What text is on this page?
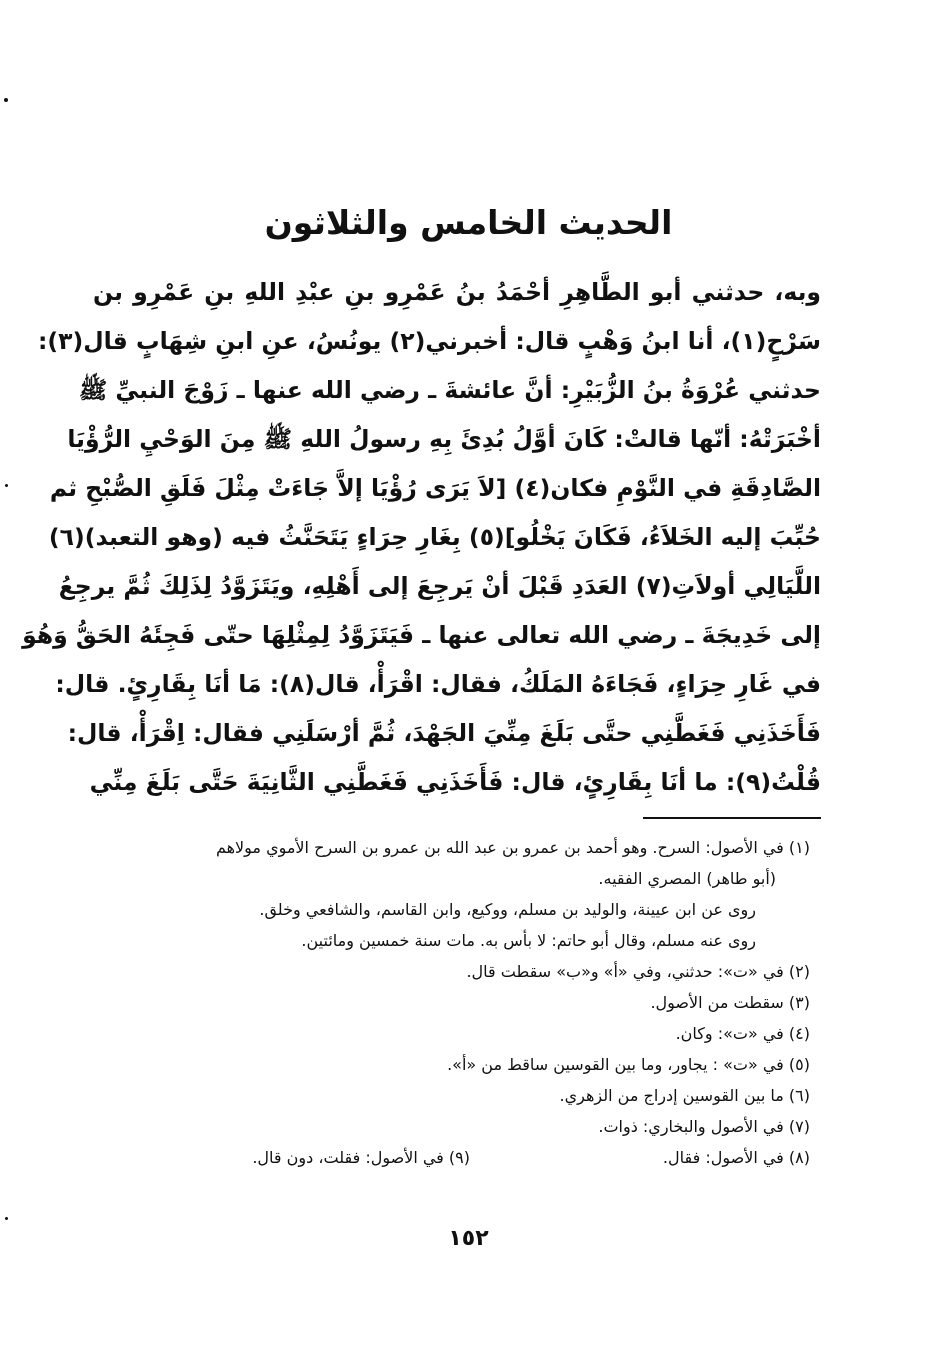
الحديث الخامس والثلاثون
وبه، حدثني أبو الطَّاهِرِ أحْمَدُ بنُ عَمْرِو بنِ عبْدِ اللهِ بنِ عَمْرِو بن
سَرْحٍ(١)، أنا ابنُ وَهْبٍ قال: أخبرني(٢) يونُسُ، عنِ ابنِ شِهَابٍ قال(٣):
حدثني عُرْوَةُ بنُ الزُّبَيْرِ: أنَّ عائشةَ ـ رضي الله عنها ـ زَوْجَ النبيِّ ﷺ
أخْبَرَتْهُ: أنّها قالتْ: كَانَ أوَّلُ بُدِئَ بِهِ رسولُ اللهِ ﷺ مِنَ الوَحْيِ الرُّؤْيَا
الصَّادِقَةِ في النَّوْمِ فكان(٤) [لاَ يَرَى رُؤْيَا إلاَّ جَاءَتْ مِثْلَ فَلَقِ الصُّبْحِ ثم
حُبِّبَ إليه الخَلاَءُ، فَكَانَ يَخْلُو](٥) بِغَارِ حِرَاءٍ يَتَحَنَّثُ فيه (وهو التعبد)(٦)
اللَّيَالِي أولاَتِ(٧) العَدَدِ قَبْلَ أنْ يَرجِعَ إلى أَهْلِهِ، ويَتَزَوَّدُ لِذَلِكَ ثُمَّ يرجِعُ
إلى خَدِيجَةَ ـ رضي الله تعالى عنها ـ فَيَتَزَوَّدُ لِمِثْلِهَا حتّى فَجِئَهُ الحَقُّ وَهُوَ
في غَارِ حِرَاءٍ، فَجَاءَهُ المَلَكُ، فقال: اقْرَأْ، قال(٨): مَا أنَا بِقَارِئٍ. قال:
فَأَخَذَنِي فَغَطَّنِي حتَّى بَلَغَ مِنِّيَ الجَهْدَ، ثُمَّ أرْسَلَنِي فقال: اِقْرَأْ، قال:
قُلْتُ(٩): ما أنَا بِقَارِئٍ، قال: فَأَخَذَنِي فَغَطَّنِي الثَّانِيَةَ حَتَّى بَلَغَ مِنِّي
(١) في الأصول: السرح. وهو أحمد بن عمرو بن عبد الله بن عمرو بن السرح الأموي مولاهم
(أبو طاهر) المصري الفقيه.
روى عن ابن عيينة، والوليد بن مسلم، ووكيع، وابن القاسم، والشافعي وخلق.
روى عنه مسلم، وقال أبو حاتم: لا بأس به. مات سنة خمسين ومائتين.
(٢) في «ت»: حدثني، وفي «أ» و«ب» سقطت قال.
(٣) سقطت من الأصول.
(٤) في «ت»: وكان.
(٥) في «ت» : يجاور، وما بين القوسين ساقط من «أ».
(٦) ما بين القوسين إدراج من الزهري.
(٧) في الأصول والبخاري: ذوات.
(٨) في الأصول: فقال.
(٩) في الأصول: فقلت، دون قال.
١٥٢
